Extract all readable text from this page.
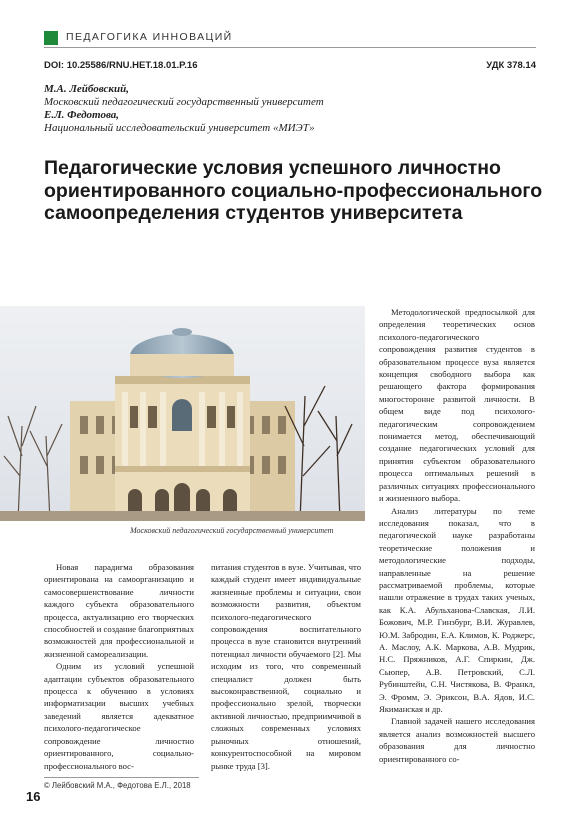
ПЕДАГОГИКА ИННОВАЦИЙ
DOI: 10.25586/RNU.HET.18.01.P.16	УДК 378.14
М.А. Лейбовский,
Московский педагогический государственный университет
Е.Л. Федотова,
Национальный исследовательский университет «МИЭТ»
Педагогические условия успешного личностно ориентированного социально-профессионального самоопределения студентов университета
Московский педагогический государственный университет

Новая парадигма образования ориентирована на самоорганизацию и самосовершенствование личности каждого субъекта образовательного процесса, актуализацию его творческих способностей и создание благоприятных возможностей для профессиональной и жизненной самореализации.

Одним из условий успешной адаптации субъектов образовательного процесса к обучению в условиях информатизации высших учебных заведений является адекватное психолого-педагогическое сопровождение личностно ориентированного, социально-профессионального вос-

питания студентов в вузе. Учитывая, что каждый студент имеет индивидуальные жизненные проблемы и ситуации, свои возможности развития, объектом психолого-педагогического сопровождения воспитательного процесса в вузе становится внутренний потенциал личности обучаемого [2]. Мы исходим из того, что современный специалист должен быть высоконравственной, социально и профессионально зрелой, творчески активной личностью, предприимчивой в сложных современных условиях рыночных отношений, конкурентоспособной на мировом рынке труда [3].

Методологической предпосылкой для определения теоретических основ психолого-педагогического сопровождения развития студентов в образовательном процессе вуза является концепция свободного выбора как решающего фактора формирования многосторонне развитой личности. В общем виде под психолого-педагогическим сопровождением понимается метод, обеспечивающий создание педагогических условий для принятия субъектом образовательного процесса оптимальных решений в различных ситуациях профессионального и жизненного выбора.

Анализ литературы по теме исследования показал, что в педагогической науке разработаны теоретические положения и методологические подходы, направленные на решение рассматриваемой проблемы, которые нашли отражение в трудах таких ученых, как К.А. Абульханова-Славская, Л.И. Божович, М.Р. Гинзбург, В.И. Журавлев, Ю.М. Забродин, Е.А. Климов, К. Роджерс, А. Маслоу, А.К. Маркова, А.В. Мудрик, Н.С. Пряжников, А.Г. Спиркин, Дж. Сьюпер, А.В. Петровский, С.Л. Рубинштейн, С.Н. Чистякова, В. Франкл, Э. Фромм, Э. Эриксон, В.А. Ядов, И.С. Якиманская и др.

Главной задачей нашего исследования является анализ возможностей высшего образования для личностно ориентированного со-

© Лейбовский М.А., Федотова Е.Л., 2018
16
